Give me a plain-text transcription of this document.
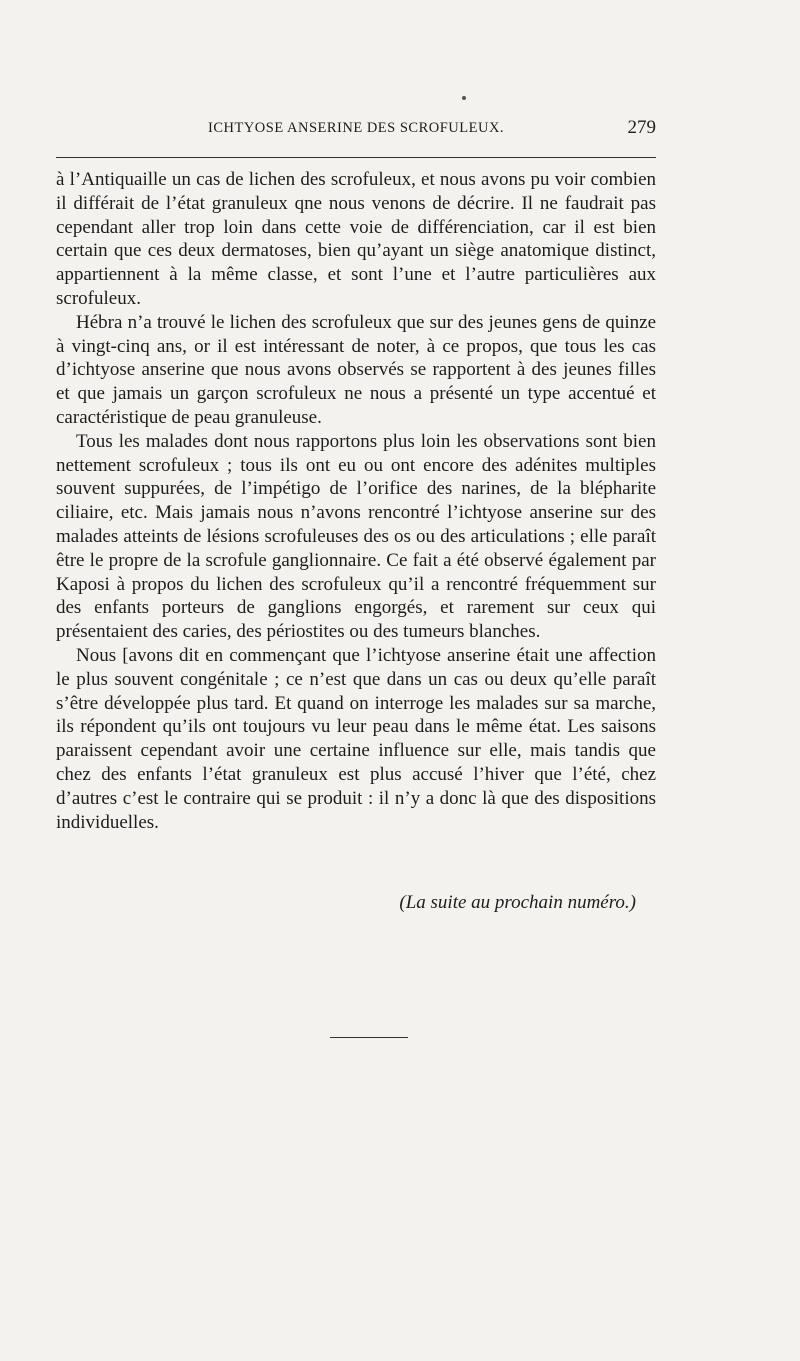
ICHTYOSE ANSERINE DES SCROFULEUX.	279

à l’Antiquaille un cas de lichen des scrofuleux, et nous avons pu voir combien il différait de l’état granuleux qne nous venons de décrire. Il ne faudrait pas cependant aller trop loin dans cette voie de différenciation, car il est bien certain que ces deux dermatoses, bien qu’ayant un siège anatomique distinct, appartiennent à la même classe, et sont l’une et l’autre particulières aux scrofuleux.

Hébra n’a trouvé le lichen des scrofuleux que sur des jeunes gens de quinze à vingt-cinq ans, or il est intéressant de noter, à ce propos, que tous les cas d’ichtyose anserine que nous avons observés se rapportent à des jeunes filles et que jamais un garçon scrofuleux ne nous a présenté un type accentué et caractéristique de peau granuleuse.

Tous les malades dont nous rapportons plus loin les observations sont bien nettement scrofuleux ; tous ils ont eu ou ont encore des adénites multiples souvent suppurées, de l’impétigo de l’orifice des narines, de la blépharite ciliaire, etc. Mais jamais nous n’avons rencontré l’ichtyose anserine sur des malades atteints de lésions scrofuleuses des os ou des articulations ; elle paraît être le propre de la scrofule ganglionnaire. Ce fait a été observé également par Kaposi à propos du lichen des scrofuleux qu’il a rencontré fréquemment sur des enfants porteurs de ganglions engorgés, et rarement sur ceux qui présentaient des caries, des périostites ou des tumeurs blanches.

Nous [avons dit en commençant que l’ichtyose anserine était une affection le plus souvent congénitale ; ce n’est que dans un cas ou deux qu’elle paraît s’être développée plus tard. Et quand on interroge les malades sur sa marche, ils répondent qu’ils ont toujours vu leur peau dans le même état. Les saisons paraissent cependant avoir une certaine influence sur elle, mais tandis que chez des enfants l’état granuleux est plus accusé l’hiver que l’été, chez d’autres c’est le contraire qui se produit : il n’y a donc là que des dispositions individuelles.

(La suite au prochain numéro.)
